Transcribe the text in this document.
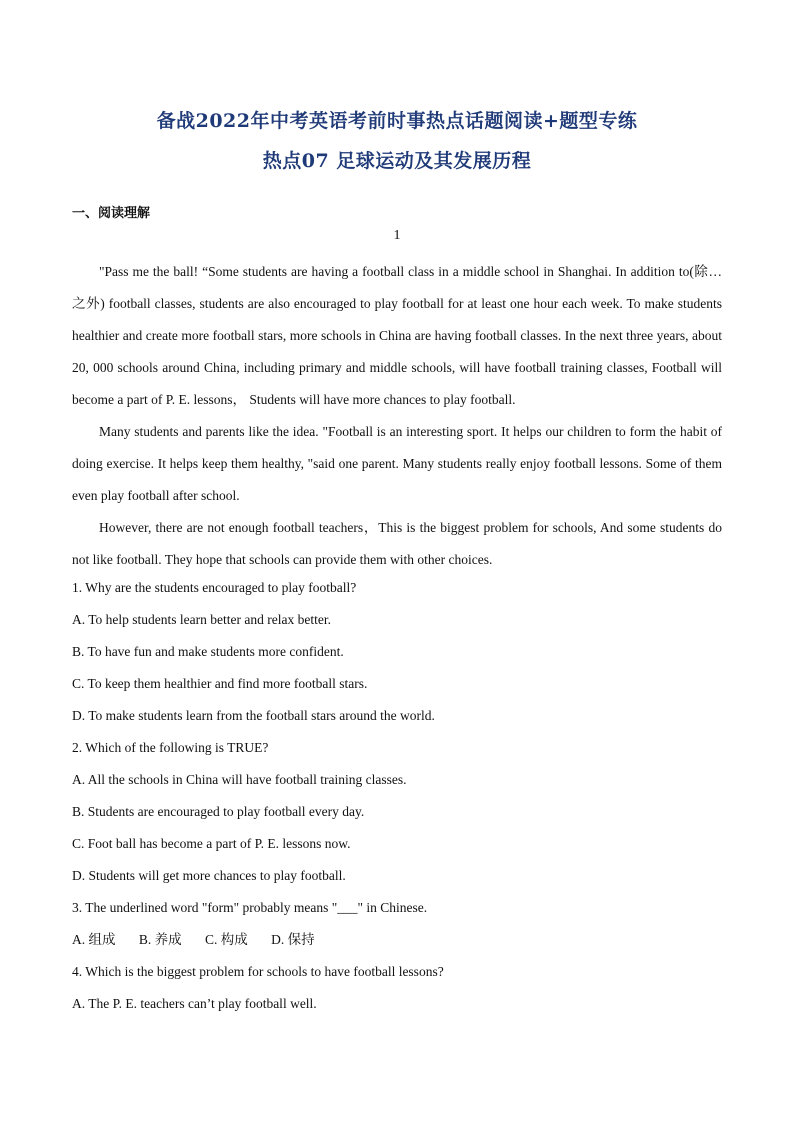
备战2022年中考英语考前时事热点话题阅读+题型专练
热点07 足球运动及其发展历程
一、阅读理解
1

"Pass me the ball! “Some students are having a football class in a middle school in Shanghai. In addition to(除…之外) football classes, students are also encouraged to play football for at least one hour each week. To make students healthier and create more football stars, more schools in China are having football classes. In the next three years, about 20, 000 schools around China, including primary and middle schools, will have football training classes, Football will become a part of P. E. lessons， Students will have more chances to play football.

Many students and parents like the idea. "Football is an interesting sport. It helps our children to form the habit of doing exercise. It helps keep them healthy, "said one parent. Many students really enjoy football lessons. Some of them even play football after school.

However, there are not enough football teachers，This is the biggest problem for schools, And some students do not like football. They hope that schools can provide them with other choices.

1. Why are the students encouraged to play football?
A. To help students learn better and relax better.
B. To have fun and make students more confident.
C. To keep them healthier and find more football stars.
D. To make students learn from the football stars around the world.
2. Which of the following is TRUE?
A. All the schools in China will have football training classes.
B. Students are encouraged to play football every day.
C. Foot ball has become a part of P. E. lessons now.
D. Students will get more chances to play football.
3. The underlined word "form" probably means "___" in Chinese.
A. 组成 B. 养成 C. 构成 D. 保持
4. Which is the biggest problem for schools to have football lessons?
A. The P. E. teachers can’t play football well.
